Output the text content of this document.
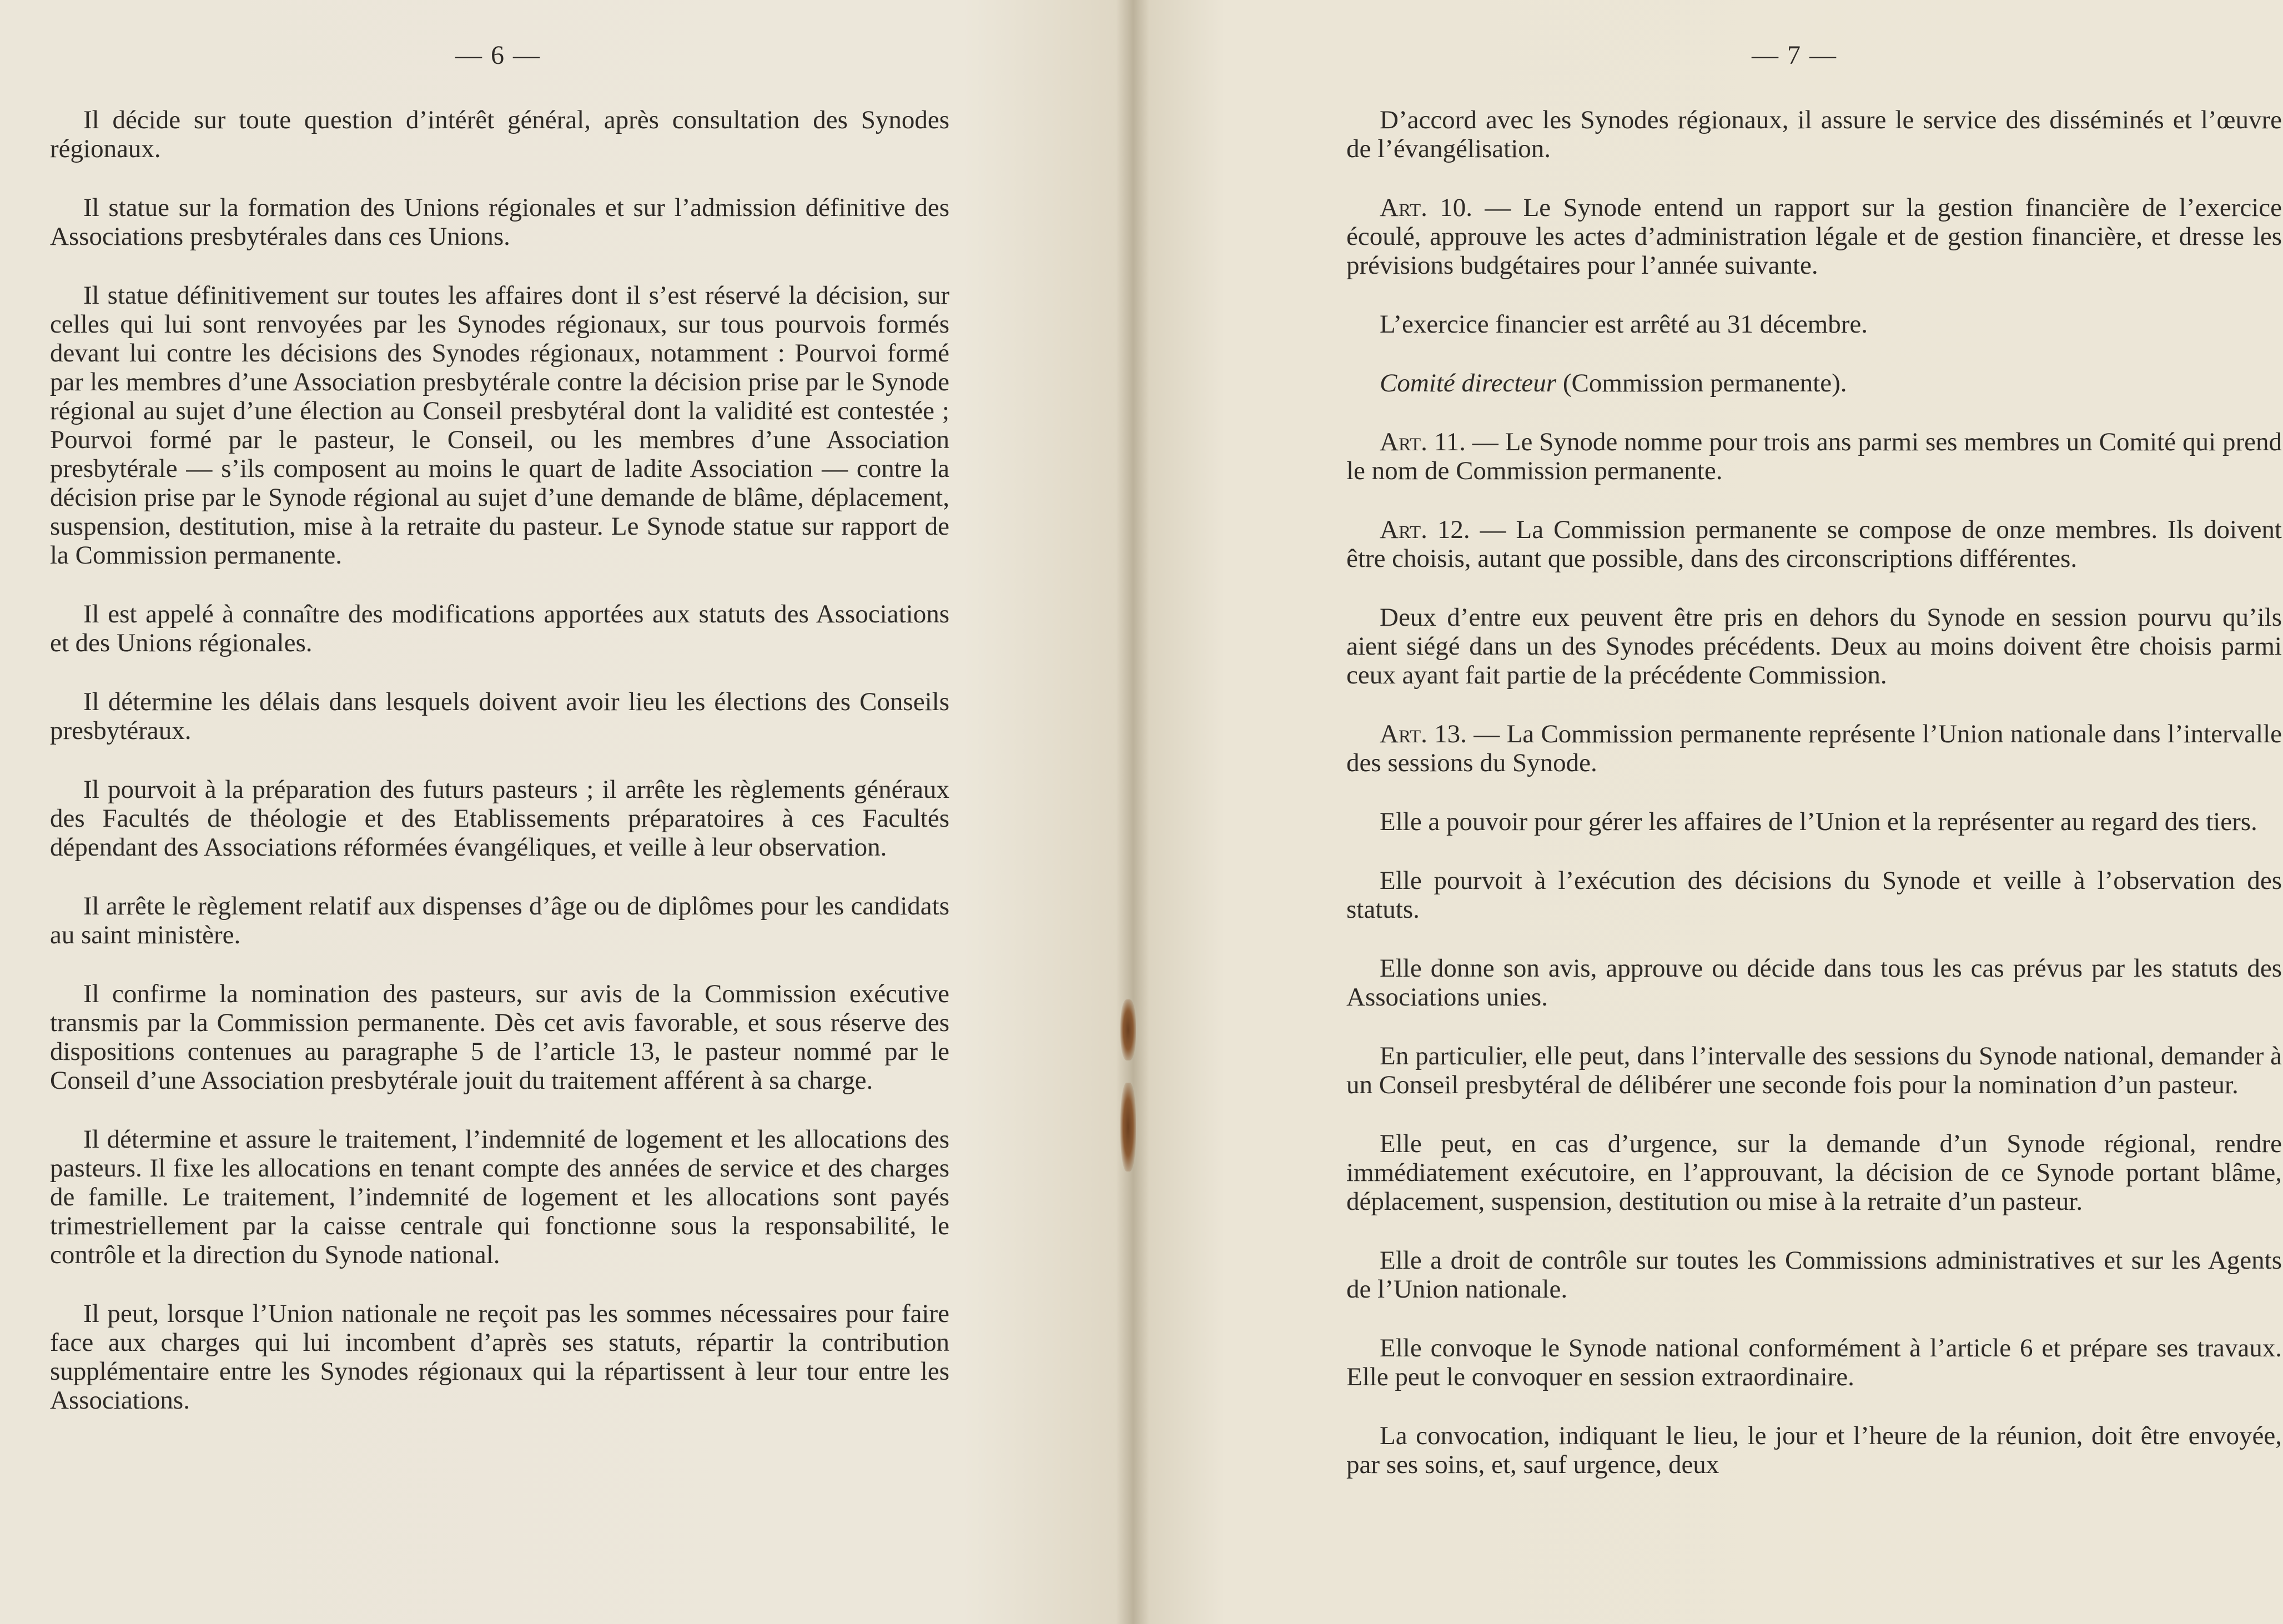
— 6 —

Il décide sur toute question d’intérêt général, après consultation des Synodes régionaux.

Il statue sur la formation des Unions régionales et sur l’admission définitive des Associations presbytérales dans ces Unions.

Il statue définitivement sur toutes les affaires dont il s’est réservé la décision, sur celles qui lui sont renvoyées par les Synodes régionaux, sur tous pourvois formés devant lui contre les décisions des Synodes régionaux, notamment : Pourvoi formé par les membres d’une Association presbytérale contre la décision prise par le Synode régional au sujet d’une élection au Conseil presbytéral dont la validité est contestée ; Pourvoi formé par le pasteur, le Conseil, ou les membres d’une Association presbytérale — s’ils composent au moins le quart de ladite Association — contre la décision prise par le Synode régional au sujet d’une demande de blâme, déplacement, suspension, destitution, mise à la retraite du pasteur. Le Synode statue sur rapport de la Commission permanente.

Il est appelé à connaître des modifications apportées aux statuts des Associations et des Unions régionales.

Il détermine les délais dans lesquels doivent avoir lieu les élections des Conseils presbytéraux.

Il pourvoit à la préparation des futurs pasteurs ; il arrête les règlements généraux des Facultés de théologie et des Etablissements préparatoires à ces Facultés dépendant des Associations réformées évangéliques, et veille à leur observation.

Il arrête le règlement relatif aux dispenses d’âge ou de diplômes pour les candidats au saint ministère.

Il confirme la nomination des pasteurs, sur avis de la Commission exécutive transmis par la Commission permanente. Dès cet avis favorable, et sous réserve des dispositions contenues au paragraphe 5 de l’article 13, le pasteur nommé par le Conseil d’une Association presbytérale jouit du traitement afférent à sa charge.

Il détermine et assure le traitement, l’indemnité de logement et les allocations des pasteurs. Il fixe les allocations en tenant compte des années de service et des charges de famille. Le traitement, l’indemnité de logement et les allocations sont payés trimestriellement par la caisse centrale qui fonctionne sous la responsabilité, le contrôle et la direction du Synode national.

Il peut, lorsque l’Union nationale ne reçoit pas les sommes nécessaires pour faire face aux charges qui lui incombent d’après ses statuts, répartir la contribution supplémentaire entre les Synodes régionaux qui la répartissent à leur tour entre les Associations.

— 7 —

D’accord avec les Synodes régionaux, il assure le service des disséminés et l’œuvre de l’évangélisation.

Art. 10. — Le Synode entend un rapport sur la gestion financière de l’exercice écoulé, approuve les actes d’administration légale et de gestion financière, et dresse les prévisions budgétaires pour l’année suivante.

L’exercice financier est arrêté au 31 décembre.

Comité directeur (Commission permanente).

Art. 11. — Le Synode nomme pour trois ans parmi ses membres un Comité qui prend le nom de Commission permanente.

Art. 12. — La Commission permanente se compose de onze membres. Ils doivent être choisis, autant que possible, dans des circonscriptions différentes.

Deux d’entre eux peuvent être pris en dehors du Synode en session pourvu qu’ils aient siégé dans un des Synodes précédents. Deux au moins doivent être choisis parmi ceux ayant fait partie de la précédente Commission.

Art. 13. — La Commission permanente représente l’Union nationale dans l’intervalle des sessions du Synode.

Elle a pouvoir pour gérer les affaires de l’Union et la représenter au regard des tiers.

Elle pourvoit à l’exécution des décisions du Synode et veille à l’observation des statuts.

Elle donne son avis, approuve ou décide dans tous les cas prévus par les statuts des Associations unies.

En particulier, elle peut, dans l’intervalle des sessions du Synode national, demander à un Conseil presbytéral de délibérer une seconde fois pour la nomination d’un pasteur.

Elle peut, en cas d’urgence, sur la demande d’un Synode régional, rendre immédiatement exécutoire, en l’approuvant, la décision de ce Synode portant blâme, déplacement, suspension, destitution ou mise à la retraite d’un pasteur.

Elle a droit de contrôle sur toutes les Commissions administratives et sur les Agents de l’Union nationale.

Elle convoque le Synode national conformément à l’article 6 et prépare ses travaux. Elle peut le convoquer en session extraordinaire.

La convocation, indiquant le lieu, le jour et l’heure de la réunion, doit être envoyée, par ses soins, et, sauf urgence, deux
